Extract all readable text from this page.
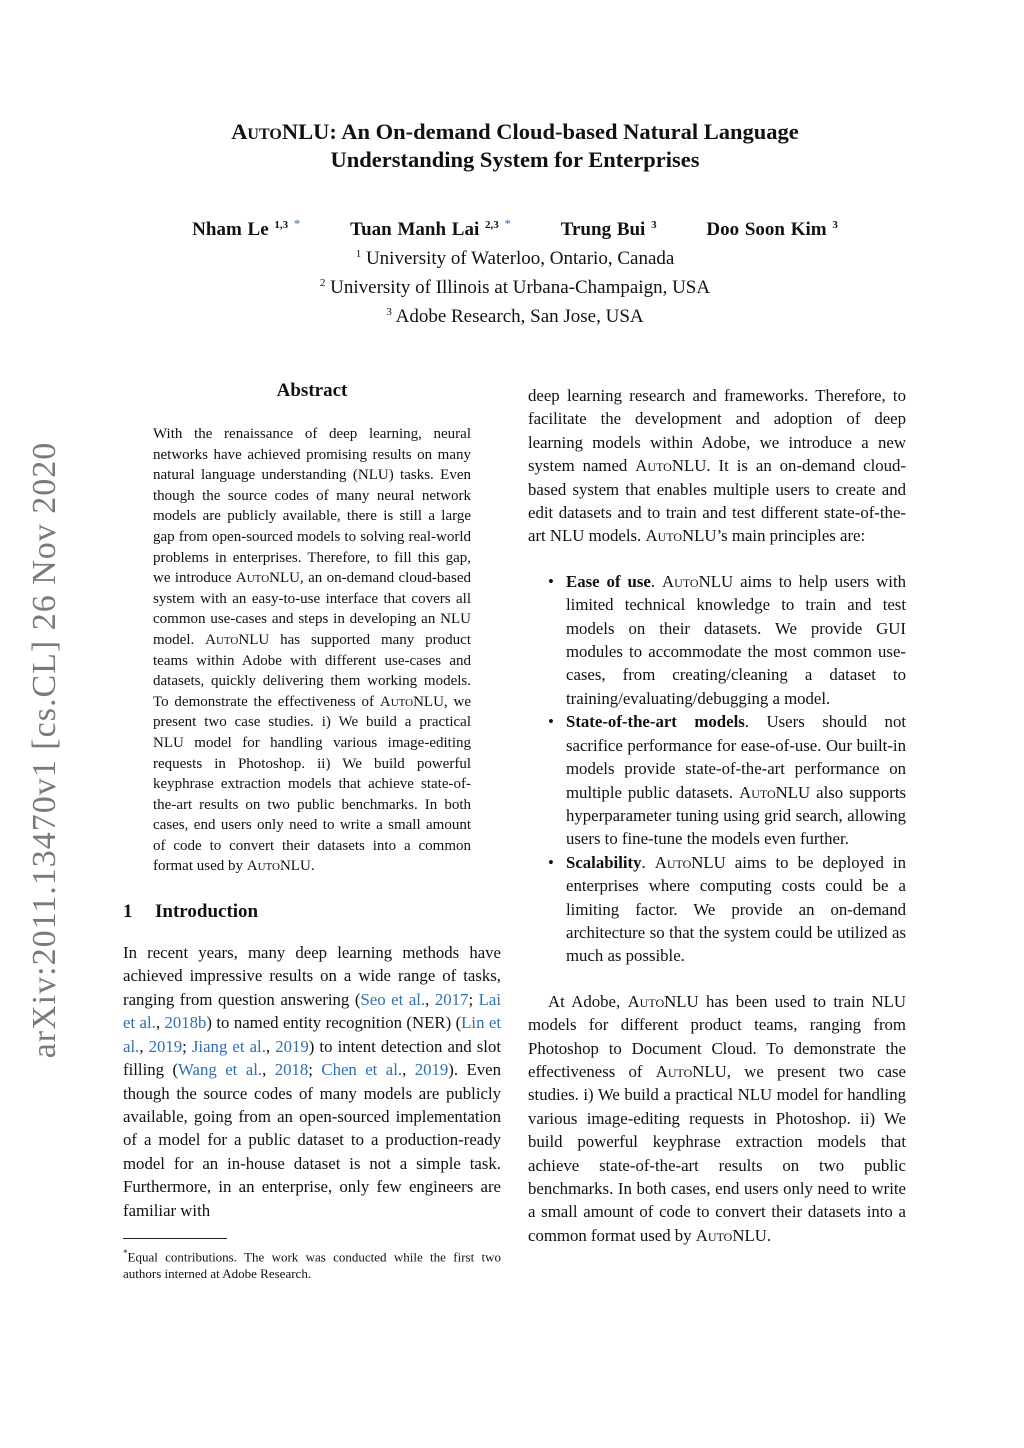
AutoNLU: An On-demand Cloud-based Natural Language
Understanding System for Enterprises
Nham Le $^{1,3}$ *	Tuan Manh Lai $^{2,3}$ *	Trung Bui $^3$	Doo Soon Kim $^3$
$^1$ University of Waterloo, Ontario, Canada
$^2$ University of Illinois at Urbana-Champaign, USA
$^3$ Adobe Research, San Jose, USA
arXiv:2011.13470v1 [cs.CL] 26 Nov 2020
Abstract
With the renaissance of deep learning, neural networks have achieved promising results on many natural language understanding (NLU) tasks. Even though the source codes of many neural network models are publicly available, there is still a large gap from open-sourced models to solving real-world problems in enterprises. Therefore, to fill this gap, we introduce AutoNLU, an on-demand cloud-based system with an easy-to-use interface that covers all common use-cases and steps in developing an NLU model. AutoNLU has supported many product teams within Adobe with different use-cases and datasets, quickly delivering them working models. To demonstrate the effectiveness of AutoNLU, we present two case studies. i) We build a practical NLU model for handling various image-editing requests in Photoshop. ii) We build powerful keyphrase extraction models that achieve state-of-the-art results on two public benchmarks. In both cases, end users only need to write a small amount of code to convert their datasets into a common format used by AutoNLU.
1 Introduction

In recent years, many deep learning methods have achieved impressive results on a wide range of tasks, ranging from question answering (Seo et al., 2017; Lai et al., 2018b) to named entity recognition (NER) (Lin et al., 2019; Jiang et al., 2019) to intent detection and slot filling (Wang et al., 2018; Chen et al., 2019). Even though the source codes of many models are publicly available, going from an open-sourced implementation of a model for a public dataset to a production-ready model for an in-house dataset is not a simple task. Furthermore, in an enterprise, only few engineers are familiar with

*Equal contributions. The work was conducted while the first two authors interned at Adobe Research.

deep learning research and frameworks. Therefore, to facilitate the development and adoption of deep learning models within Adobe, we introduce a new system named AutoNLU. It is an on-demand cloud-based system that enables multiple users to create and edit datasets and to train and test different state-of-the-art NLU models. AutoNLU’s main principles are:

• Ease of use. AutoNLU aims to help users with limited technical knowledge to train and test models on their datasets. We provide GUI modules to accommodate the most common use-cases, from creating/cleaning a dataset to training/evaluating/debugging a model.
• State-of-the-art models. Users should not sacrifice performance for ease-of-use. Our built-in models provide state-of-the-art performance on multiple public datasets. AutoNLU also supports hyperparameter tuning using grid search, allowing users to fine-tune the models even further.
• Scalability. AutoNLU aims to be deployed in enterprises where computing costs could be a limiting factor. We provide an on-demand architecture so that the system could be utilized as much as possible.

At Adobe, AutoNLU has been used to train NLU models for different product teams, ranging from Photoshop to Document Cloud. To demonstrate the effectiveness of AutoNLU, we present two case studies. i) We build a practical NLU model for handling various image-editing requests in Photoshop. ii) We build powerful keyphrase extraction models that achieve state-of-the-art results on two public benchmarks. In both cases, end users only need to write a small amount of code to convert their datasets into a common format used by AutoNLU.
